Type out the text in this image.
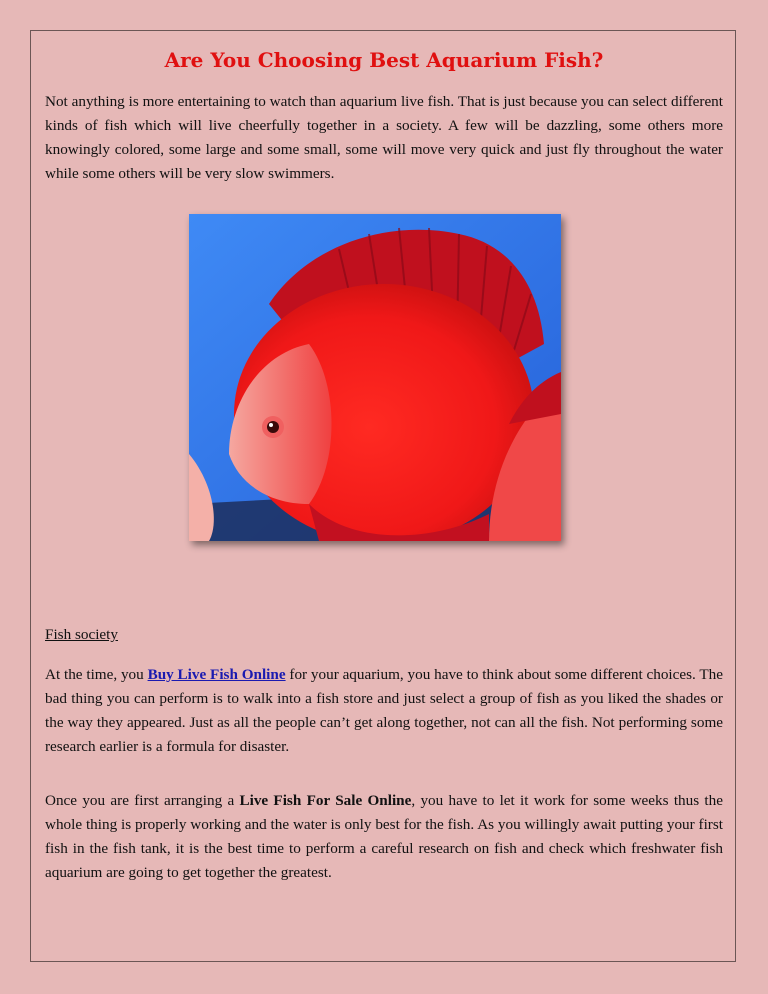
Are You Choosing Best Aquarium Fish?

Not anything is more entertaining to watch than aquarium live fish. That is just because you can select different kinds of fish which will live cheerfully together in a society. A few will be dazzling, some others more knowingly colored, some large and some small, some will move very quick and just fly throughout the water while some others will be very slow swimmers.

Fish society

At the time, you Buy Live Fish Online for your aquarium, you have to think about some different choices. The bad thing you can perform is to walk into a fish store and just select a group of fish as you liked the shades or the way they appeared. Just as all the people can’t get along together, not can all the fish. Not performing some research earlier is a formula for disaster.

Once you are first arranging a Live Fish For Sale Online, you have to let it work for some weeks thus the whole thing is properly working and the water is only best for the fish. As you willingly await putting your first fish in the fish tank, it is the best time to perform a careful research on fish and check which freshwater fish aquarium are going to get together the greatest.
